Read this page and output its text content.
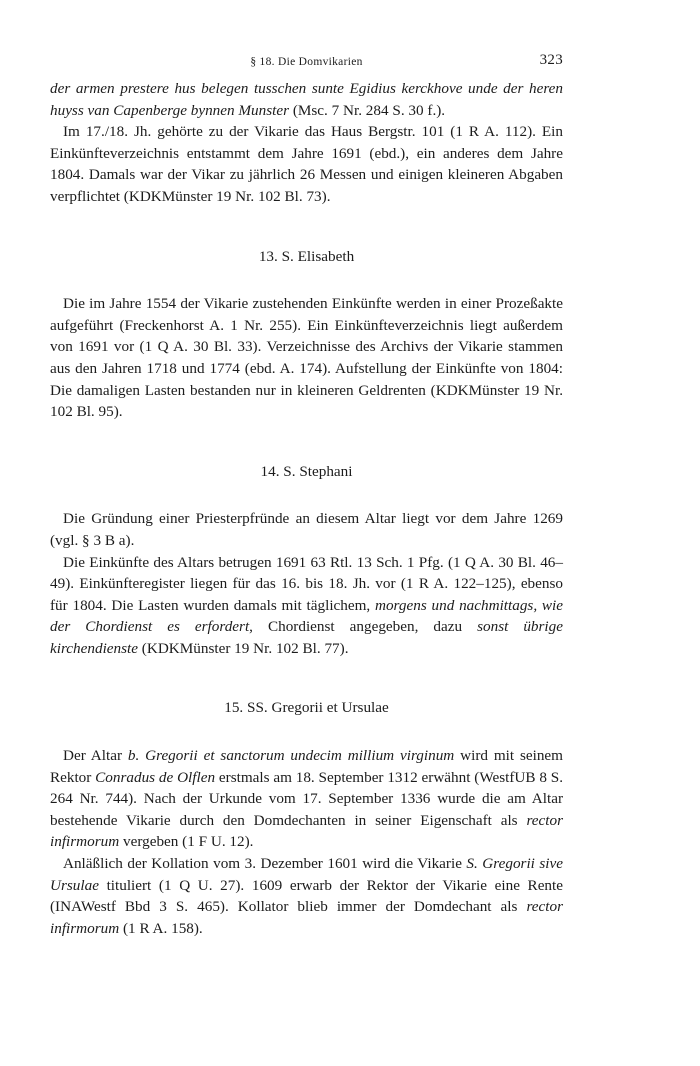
§ 18. Die Domvikarien	323

der armen prestere hus belegen tusschen sunte Egidius kerckhove unde der heren huyss van Capenberge bynnen Munster (Msc. 7 Nr. 284 S. 30 f.).

Im 17./18. Jh. gehörte zu der Vikarie das Haus Bergstr. 101 (1 R A. 112). Ein Einkünfteverzeichnis entstammt dem Jahre 1691 (ebd.), ein anderes dem Jahre 1804. Damals war der Vikar zu jährlich 26 Messen und einigen kleineren Abgaben verpflichtet (KDKMünster 19 Nr. 102 Bl. 73).

13. S. Elisabeth

Die im Jahre 1554 der Vikarie zustehenden Einkünfte werden in einer Prozeßakte aufgeführt (Freckenhorst A. 1 Nr. 255). Ein Einkünfteverzeichnis liegt außerdem von 1691 vor (1 Q A. 30 Bl. 33). Verzeichnisse des Archivs der Vikarie stammen aus den Jahren 1718 und 1774 (ebd. A. 174). Aufstellung der Einkünfte von 1804: Die damaligen Lasten bestanden nur in kleineren Geldrenten (KDKMünster 19 Nr. 102 Bl. 95).

14. S. Stephani

Die Gründung einer Priesterpfründe an diesem Altar liegt vor dem Jahre 1269 (vgl. § 3 B a).

Die Einkünfte des Altars betrugen 1691 63 Rtl. 13 Sch. 1 Pfg. (1 Q A. 30 Bl. 46–49). Einkünfteregister liegen für das 16. bis 18. Jh. vor (1 R A. 122–125), ebenso für 1804. Die Lasten wurden damals mit täglichem, morgens und nachmittags, wie der Chordienst es erfordert, Chordienst angegeben, dazu sonst übrige kirchendienste (KDKMünster 19 Nr. 102 Bl. 77).

15. SS. Gregorii et Ursulae

Der Altar b. Gregorii et sanctorum undecim millium virginum wird mit seinem Rektor Conradus de Olflen erstmals am 18. September 1312 erwähnt (WestfUB 8 S. 264 Nr. 744). Nach der Urkunde vom 17. September 1336 wurde die am Altar bestehende Vikarie durch den Domdechanten in seiner Eigenschaft als rector infirmorum vergeben (1 F U. 12).

Anläßlich der Kollation vom 3. Dezember 1601 wird die Vikarie S. Gregorii sive Ursulae tituliert (1 Q U. 27). 1609 erwarb der Rektor der Vikarie eine Rente (INAWestf Bbd 3 S. 465). Kollator blieb immer der Domdechant als rector infirmorum (1 R A. 158).
